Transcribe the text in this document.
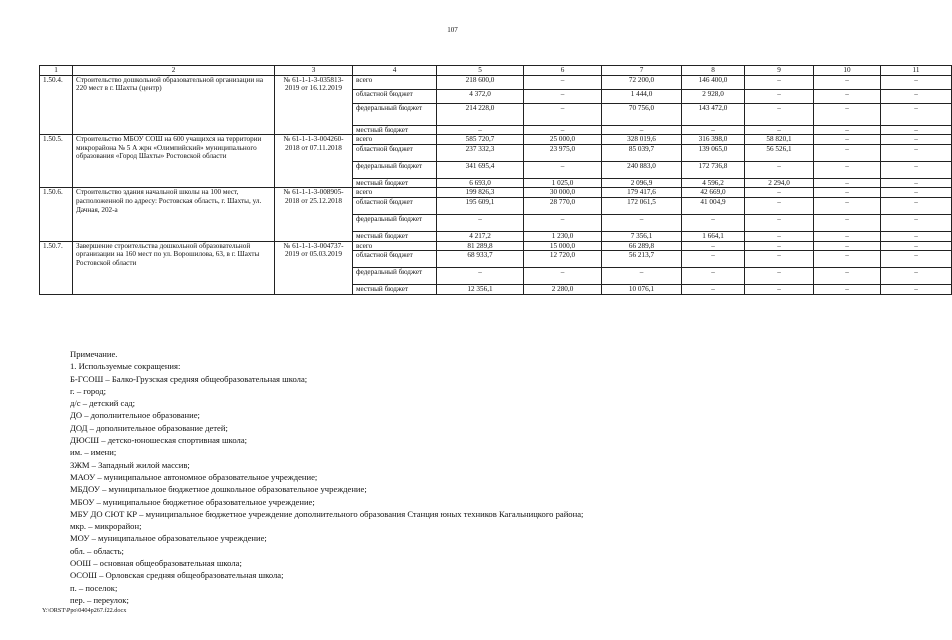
107
1	2	3	4	5	6	7	8	9	10	11
1.50.4.	Строительство дошкольной образовательной организации на 220 мест в г. Шахты (центр)	№ 61-1-1-3-035813-2019 от 16.12.2019	всего	218 600,0	–	72 200,0	146 400,0	–	–	–
			областной бюджет	4 372,0	–	1 444,0	2 928,0	–	–	–
			федеральный бюджет	214 228,0	–	70 756,0	143 472,0	–	–	–
			местный бюджет	–	–	–	–	–	–	–
1.50.5.	Строительство МБОУ СОШ на 600 учащихся на территории микрорайона № 5 А жрн «Олимпийский» муниципального образования «Город Шахты» Ростовской области	№ 61-1-1-3-004260-2018 от 07.11.2018	всего	585 720,7	25 000,0	328 019,6	316 398,0	58 820,1	–	–
			областной бюджет	237 332,3	23 975,0	85 039,7	139 065,0	56 526,1	–	–
			федеральный бюджет	341 695,4	–	240 883,0	172 736,8	–	–	–
			местный бюджет	6 693,0	1 025,0	2 096,9	4 596,2	2 294,0	–	–
1.50.6.	Строительство здания начальной школы на 100 мест, расположенной по адресу: Ростовская область, г. Шахты, ул. Дачная, 202-а	№ 61-1-1-3-008905-2018 от 25.12.2018	всего	199 826,3	30 000,0	179 417,6	42 669,0	–	–	–
			областной бюджет	195 609,1	28 770,0	172 061,5	41 004,9	–	–	–
			федеральный бюджет	–	–	–	–	–	–	–
			местный бюджет	4 217,2	1 230,0	7 356,1	1 664,1	–	–	–
1.50.7.	Завершение строительства дошкольной образовательной организации на 160 мест по ул. Ворошилова, 63, в г. Шахты Ростовской области	№ 61-1-1-3-004737-2019 от 05.03.2019	всего	81 289,8	15 000,0	66 289,8	–	–	–	–
			областной бюджет	68 933,7	12 720,0	56 213,7	–	–	–	–
			федеральный бюджет	–	–	–	–	–	–	–
			местный бюджет	12 356,1	2 280,0	10 076,1	–	–	–	–
Примечание.
1. Используемые сокращения:
Б-ГСОШ – Балко-Грузская средняя общеобразовательная школа;
г. – город;
д/с – детский сад;
ДО – дополнительное образование;
ДОД – дополнительное образование детей;
ДЮСШ – детско-юношеская спортивная школа;
им. – имени;
ЗЖМ – Западный жилой массив;
МАОУ – муниципальное автономное образовательное учреждение;
МБДОУ – муниципальное бюджетное дошкольное образовательное учреждение;
МБОУ – муниципальное бюджетное образовательное учреждение;
МБУ ДО СЮТ КР – муниципальное бюджетное учреждение дополнительного образования Станция юных техников Кагальницкого района;
мкр. – микрорайон;
МОУ – муниципальное образовательное учреждение;
обл. – область;
ООШ – основная общеобразовательная школа;
ОСОШ – Орловская средняя общеобразовательная школа;
п. – поселок;
пер. – переулок;
Y:\ORST\Ppo\0404p267.f22.docx
